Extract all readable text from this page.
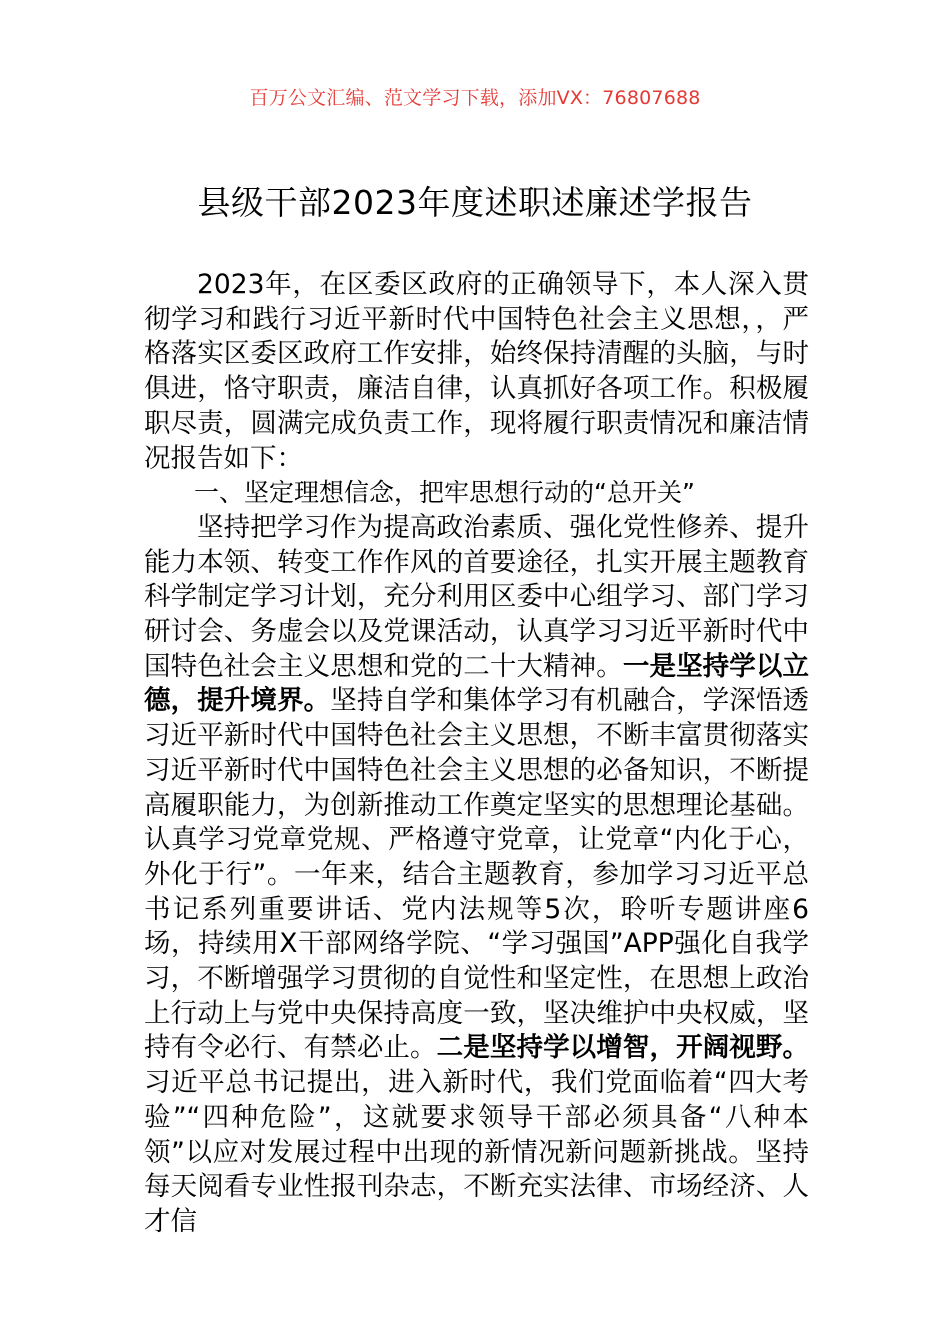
百万公文汇编、范文学习下载，添加VX：76807688
县级干部2023年度述职述廉述学报告

2023年，在区委区政府的正确领导下，本人深入贯彻学习和践行习近平新时代中国特色社会主义思想，，严格落实区委区政府工作安排，始终保持清醒的头脑，与时俱进，恪守职责，廉洁自律，认真抓好各项工作。积极履职尽责，圆满完成负责工作，现将履行职责情况和廉洁情况报告如下：

一、坚定理想信念，把牢思想行动的“总开关”

坚持把学习作为提高政治素质、强化党性修养、提升能力本领、转变工作作风的首要途径，扎实开展主题教育科学制定学习计划，充分利用区委中心组学习、部门学习研讨会、务虚会以及党课活动，认真学习习近平新时代中国特色社会主义思想和党的二十大精神。一是坚持学以立德，提升境界。坚持自学和集体学习有机融合，学深悟透习近平新时代中国特色社会主义思想，不断丰富贯彻落实习近平新时代中国特色社会主义思想的必备知识，不断提高履职能力，为创新推动工作奠定坚实的思想理论基础。认真学习党章党规、严格遵守党章，让党章“内化于心，外化于行”。一年来，结合主题教育，参加学习习近平总书记系列重要讲话、党内法规等5次，聆听专题讲座6场，持续用X干部网络学院、“学习强国”APP强化自我学习，不断增强学习贯彻的自觉性和坚定性，在思想上政治上行动上与党中央保持高度一致，坚决维护中央权威，坚持有令必行、有禁必止。二是坚持学以增智，开阔视野。习近平总书记提出，进入新时代，我们党面临着“四大考验”“四种危险”，这就要求领导干部必须具备“八种本领”以应对发展过程中出现的新情况新问题新挑战。坚持每天阅看专业性报刊杂志，不断充实法律、市场经济、人才信
